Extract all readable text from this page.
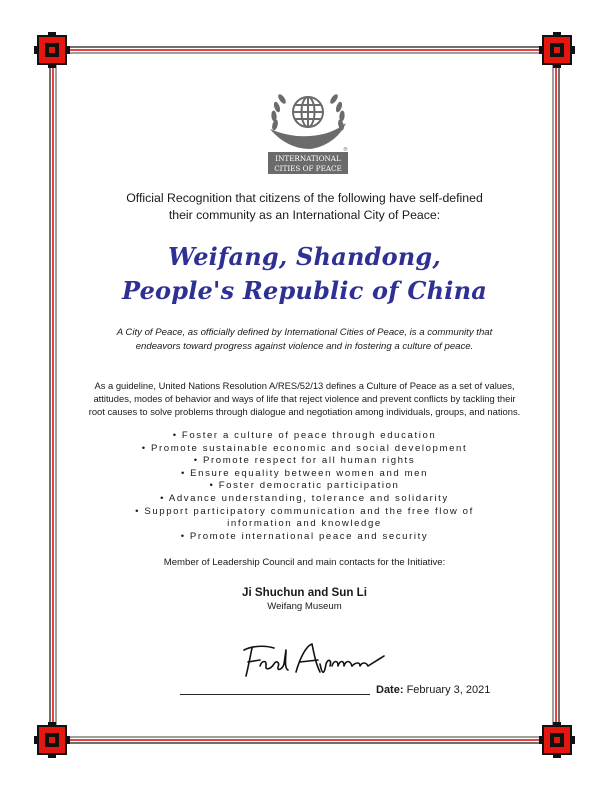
INTERNATIONAL
CITIES OF PEACE
®
Official Recognition that citizens of the following have self-defined
their community as an International City of Peace:
Weifang, Shandong,
People's Republic of China
A City of Peace, as officially defined by International Cities of Peace, is a community that
endeavors toward progress against violence and in fostering a culture of peace.
As a guideline, United Nations Resolution A/RES/52/13 defines a Culture of Peace as a set of values,
attitudes, modes of behavior and ways of life that reject violence and prevent conflicts by tackling their
root causes to solve problems through dialogue and negotiation among individuals, groups, and nations.
• Foster a culture of peace through education
• Promote sustainable economic and social development
• Promote respect for all human rights
• Ensure equality between women and men
• Foster democratic participation
• Advance understanding, tolerance and solidarity
• Support participatory communication and the free flow of
information and knowledge
• Promote international peace and security
Member of Leadership Council and main contacts for the Initiative:
Ji Shuchun and Sun Li
Weifang Museum
Date: February 3, 2021
